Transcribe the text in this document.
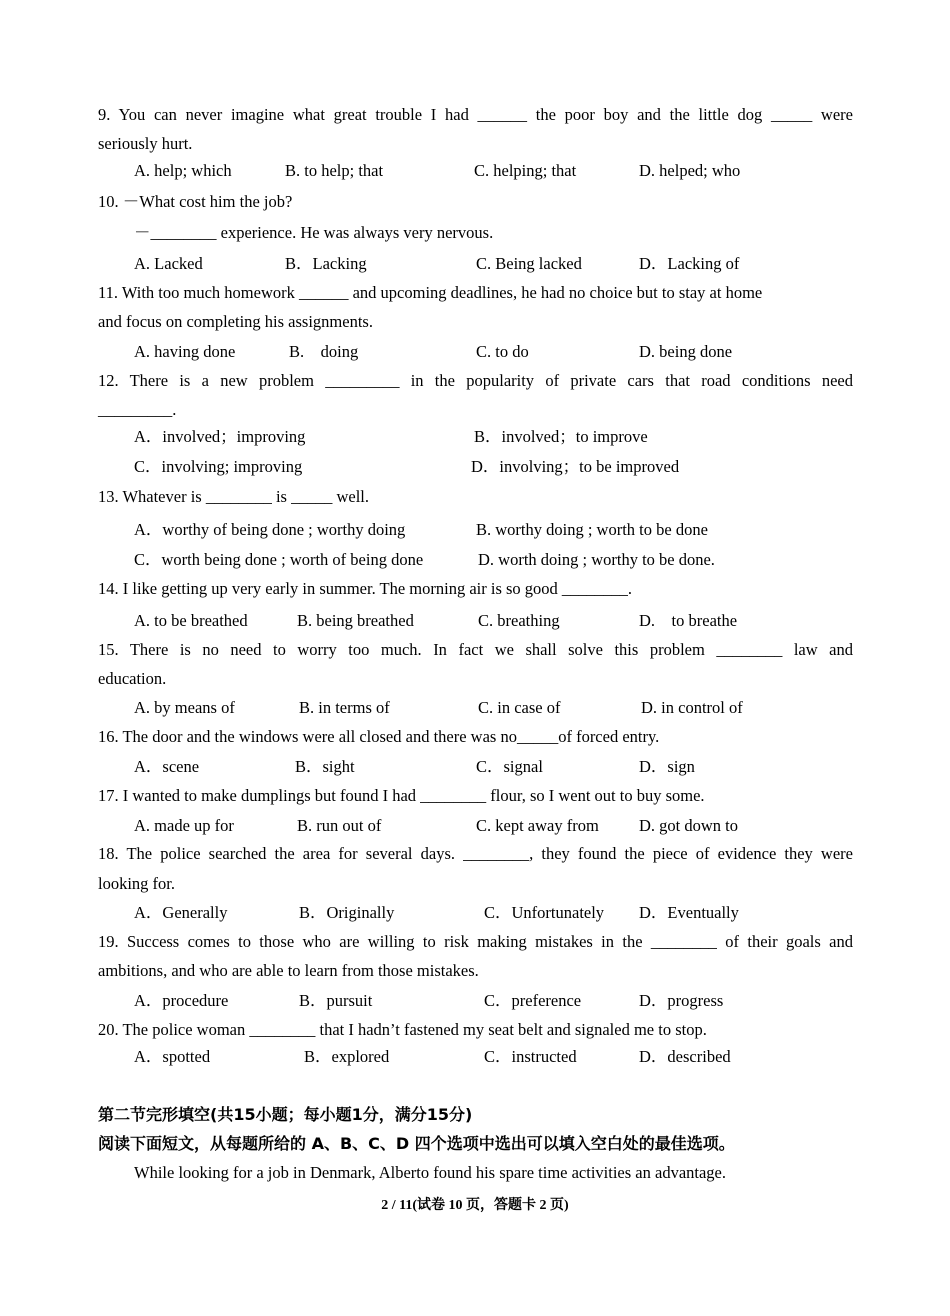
9. You can never imagine what great trouble I had ______ the poor boy and the little dog _____ were
seriously hurt.
A. help; which	B. to help; that	C. helping; that	D. helped; who
10. －What cost him the job?
－________ experience. He was always very nervous.
A. Lacked	B．Lacking	C. Being lacked	D．Lacking of
11. With too much homework ______ and upcoming deadlines, he had no choice but to stay at home
and focus on completing his assignments.
A. having done	B.　doing	C. to do	D. being done
12. There is a new problem _________ in the popularity of private cars that road conditions need
_________.
A．involved；improving	B．involved；to improve
C．involving; improving	D．involving；to be improved
13. Whatever is ________ is _____ well.
A．worthy of being done ; worthy doing	B. worthy doing ; worth to be done
C．worth being done ; worth of being done	D. worth doing ; worthy to be done.
14. I like getting up very early in summer. The morning air is so good ________.
A. to be breathed	B. being breathed	C. breathing	D.　to breathe
15. There is no need to worry too much. In fact we shall solve this problem ________ law and
education.
A. by means of	B. in terms of	C. in case of	D. in control of
16. The door and the windows were all closed and there was no_____of forced entry.
A．scene	B．sight	C．signal	D．sign
17. I wanted to make dumplings but found I had ________ flour, so I went out to buy some.
A. made up for	B. run out of	C. kept away from D. got down to
18. The police searched the area for several days. ________, they found the piece of evidence they were
looking for.
A．Generally	B．Originally	C．Unfortunately D．Eventually
19. Success comes to those who are willing to risk making mistakes in the ________ of their goals and
ambitions, and who are able to learn from those mistakes.
A．procedure	B．pursuit	C．preference	D．progress
20. The police woman ________ that I hadn’t fastened my seat belt and signaled me to stop.
A．spotted	B．explored	C．instructed	D．described
第二节完形填空(共15小题；每小题1分，满分15分)
阅读下面短文，从每题所给的 A、B、C、D 四个选项中选出可以填入空白处的最佳选项。
While looking for a job in Denmark, Alberto found his spare time activities an advantage.
2 / 11(试卷 10 页，答题卡 2 页)
